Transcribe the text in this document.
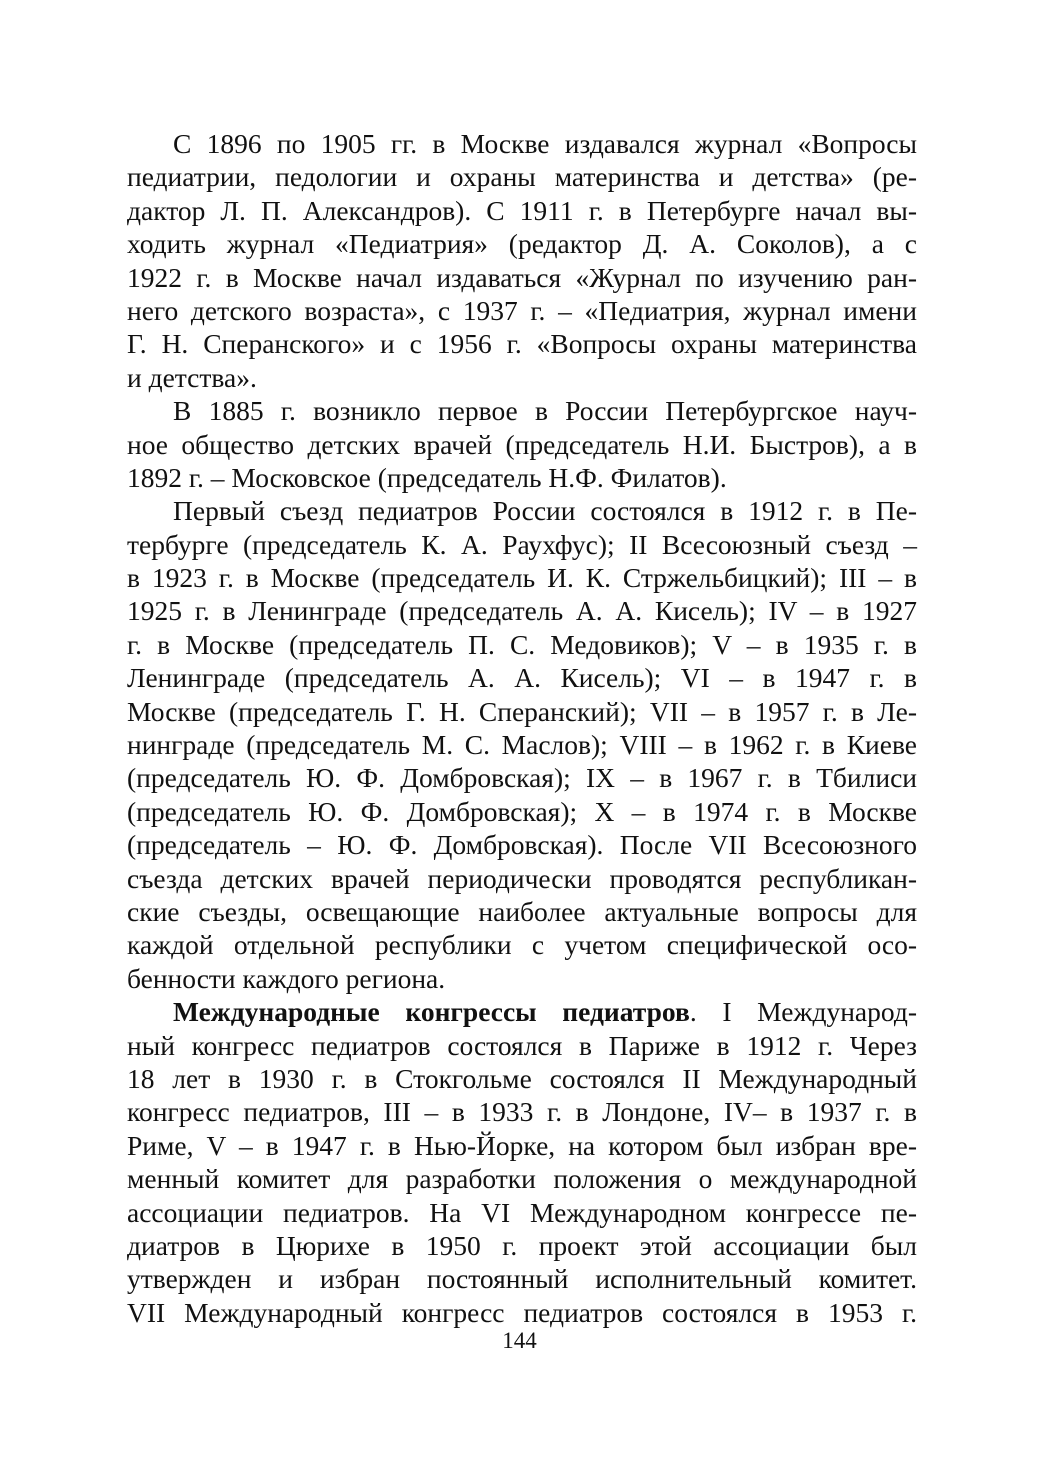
С 1896 по 1905 гг. в Москве издавался журнал «Вопросы
педиатрии, педологии и охраны материнства и детства» (ре-
дактор Л. П. Александров). С 1911 г. в Петербурге начал вы-
ходить журнал «Педиатрия» (редактор Д. А. Соколов), а с
1922 г. в Москве начал издаваться «Журнал по изучению ран-
него детского возраста», с 1937 г. – «Педиатрия, журнал имени
Г. Н. Сперанского» и с 1956 г. «Вопросы охраны материнства
и детства».
В 1885 г. возникло первое в России Петербургское науч-
ное общество детских врачей (председатель Н.И. Быстров), а в
1892 г. – Московское (председатель Н.Ф. Филатов).
Первый съезд педиатров России состоялся в 1912 г. в Пе-
тербурге (председатель К. А. Раухфус); II Всесоюзный съезд –
в 1923 г. в Москве (председатель И. К. Стржельбицкий); III – в
1925 г. в Ленинграде (председатель А. А. Кисель); IV – в 1927
г. в Москве (председатель П. С. Медовиков); V – в 1935 г. в
Ленинграде (председатель А. А. Кисель); VI – в 1947 г. в
Москве (председатель Г. Н. Сперанский); VII – в 1957 г. в Ле-
нинграде (председатель М. С. Маслов); VIII – в 1962 г. в Киеве
(председатель Ю. Ф. Домбровская); IX – в 1967 г. в Тбилиси
(председатель Ю. Ф. Домбровская); X – в 1974 г. в Москве
(председатель – Ю. Ф. Домбровская). После VII Всесоюзного
съезда детских врачей периодически проводятся республикан-
ские съезды, освещающие наиболее актуальные вопросы для
каждой отдельной республики с учетом специфической осо-
бенности каждого региона.
Международные конгрессы педиатров. I Международ-
ный конгресс педиатров состоялся в Париже в 1912 г. Через
18 лет в 1930 г. в Стокгольме состоялся II Международный
конгресс педиатров, III – в 1933 г. в Лондоне, IV– в 1937 г. в
Риме, V – в 1947 г. в Нью-Йорке, на котором был избран вре-
менный комитет для разработки положения о международной
ассоциации педиатров. На VI Международном конгрессе пе-
диатров в Цюрихе в 1950 г. проект этой ассоциации был
утвержден и избран постоянный исполнительный комитет.
VII Международный конгресс педиатров состоялся в 1953 г.
144
